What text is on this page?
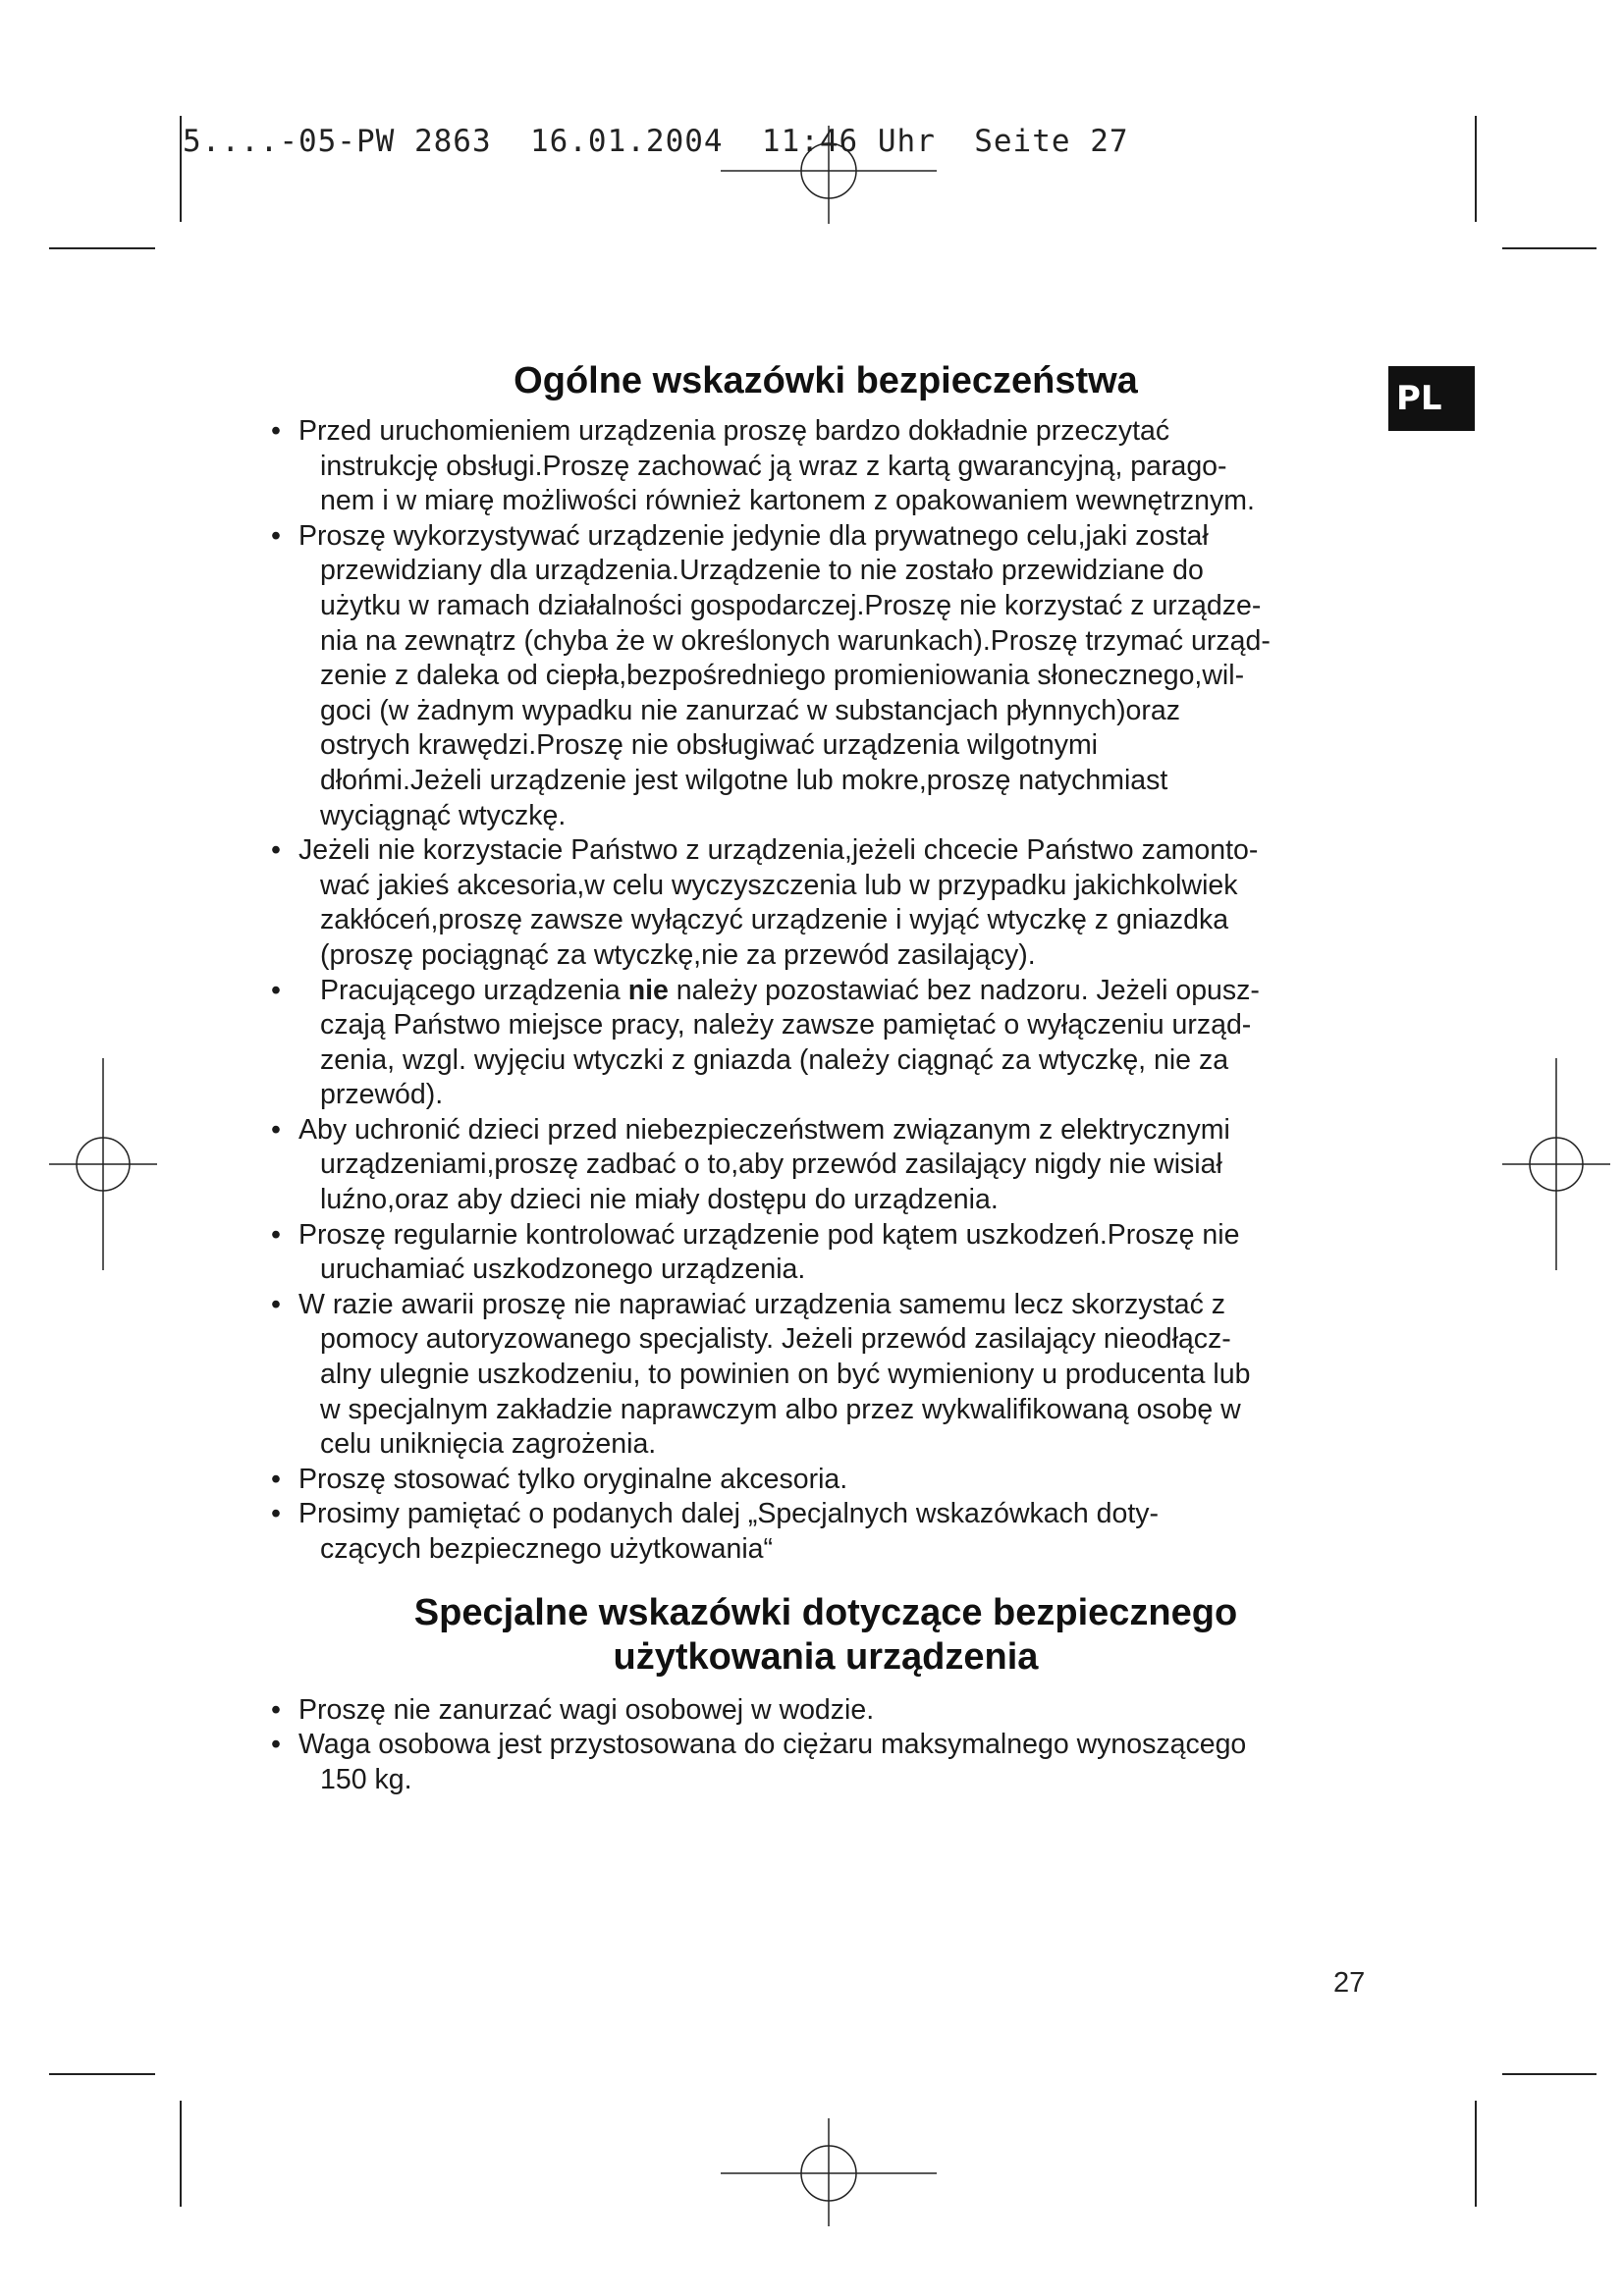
5....-05-PW 2863  16.01.2004  11:46 Uhr  Seite 27
PL
Ogólne wskazówki bezpieczeństwa
• Przed uruchomieniem urządzenia proszę bardzo dokładnie przeczytać
instrukcję obsługi.Proszę zachować ją wraz z kartą gwarancyjną, parago-
nem i w miarę możliwości również kartonem z opakowaniem wewnętrznym.
• Proszę wykorzystywać urządzenie jedynie dla prywatnego celu,jaki został
przewidziany dla urządzenia.Urządzenie to nie zostało przewidziane do
użytku w ramach działalności gospodarczej.Proszę nie korzystać z urządze-
nia na zewnątrz (chyba że w określonych warunkach).Proszę trzymać urząd-
zenie z daleka od ciepła,bezpośredniego promieniowania słonecznego,wil-
goci (w żadnym wypadku nie zanurzać w substancjach płynnych)oraz
ostrych krawędzi.Proszę nie obsługiwać urządzenia wilgotnymi
dłońmi.Jeżeli urządzenie jest wilgotne lub mokre,proszę natychmiast
wyciągnąć wtyczkę.
• Jeżeli nie korzystacie Państwo z urządzenia,jeżeli chcecie Państwo zamonto-
wać jakieś akcesoria,w celu wyczyszczenia lub w przypadku jakichkolwiek
zakłóceń,proszę zawsze wyłączyć urządzenie i wyjąć wtyczkę z gniazdka
(proszę pociągnąć za wtyczkę,nie za przewód zasilający).
•	Pracującego urządzenia nie należy pozostawiać bez nadzoru. Jeżeli opusz-
czają Państwo miejsce pracy, należy zawsze pamiętać o wyłączeniu urząd-
zenia, wzgl. wyjęciu wtyczki z gniazda (należy ciągnąć za wtyczkę, nie za
przewód).
• Aby uchronić dzieci przed niebezpieczeństwem związanym z elektrycznymi
urządzeniami,proszę zadbać o to,aby przewód zasilający nigdy nie wisiał
luźno,oraz aby dzieci nie miały dostępu do urządzenia.
• Proszę regularnie kontrolować urządzenie pod kątem uszkodzeń.Proszę nie
uruchamiać uszkodzonego urządzenia.
• W razie awarii proszę nie naprawiać urządzenia samemu lecz skorzystać z
pomocy autoryzowanego specjalisty. Jeżeli przewód zasilający nieodłącz-
alny ulegnie uszkodzeniu, to powinien on być wymieniony u producenta lub
w specjalnym zakładzie naprawczym albo przez wykwalifikowaną osobę w
celu uniknięcia zagrożenia.
• Proszę stosować tylko oryginalne akcesoria.
• Prosimy pamiętać o podanych dalej „Specjalnych wskazówkach doty-
czących bezpiecznego użytkowania“
Specjalne wskazówki dotyczące bezpiecznego
użytkowania urządzenia
• Proszę nie zanurzać wagi osobowej w wodzie.
• Waga osobowa jest przystosowana do ciężaru maksymalnego wynoszącego
150 kg.
27
